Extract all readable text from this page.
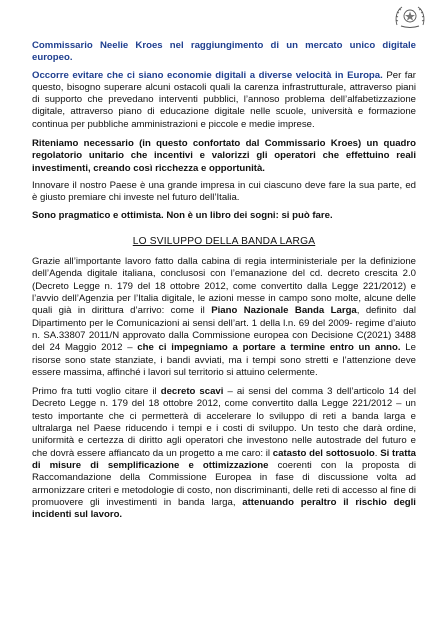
Commissario Neelie Kroes nel raggiungimento di un mercato unico digitale europeo.

Occorre evitare che ci siano economie digitali a diverse velocità in Europa. Per far questo, bisogno superare alcuni ostacoli quali la carenza infrastrutturale, attraverso piani di supporto che prevedano interventi pubblici, l’annoso problema dell’alfabetizzazione digitale, attraverso piano di educazione digitale nelle scuole, università e formazione continua per pubbliche amministrazioni e piccole e medie imprese.

Riteniamo necessario (in questo confortato dal Commissario Kroes) un quadro regolatorio unitario che incentivi e valorizzi gli operatori che effettuino reali investimenti, creando così ricchezza e opportunità.

Innovare il nostro Paese è una grande impresa in cui ciascuno deve fare la sua parte, ed è giusto premiare chi investe nel futuro dell’Italia.

Sono pragmatico e ottimista. Non è un libro dei sogni: si può fare.

LO SVILUPPO DELLA BANDA LARGA

Grazie all’importante lavoro fatto dalla cabina di regia interministeriale per la definizione dell’Agenda digitale italiana, conclusosi con l’emanazione del cd. decreto crescita 2.0 (Decreto Legge n. 179 del 18 ottobre 2012, come convertito dalla Legge 221/2012) e l’avvio dell’Agenzia per l’Italia digitale, le azioni messe in campo sono molte, alcune delle quali già in dirittura d’arrivo: come il Piano Nazionale Banda Larga, definito dal Dipartimento per le Comunicazioni ai sensi dell’art. 1 della l.n. 69 del 2009- regime d’aiuto n. SA.33807 2011/N approvato dalla Commissione europea con Decisione C(2021) 3488 del 24 Maggio 2012 – che ci impegniamo a portare a termine entro un anno. Le risorse sono state stanziate, i bandi avviati, ma i tempi sono stretti e l’attenzione deve essere massima, affinché i lavori sul territorio si attuino celermente.

Primo fra tutti voglio citare il decreto scavi – ai sensi del comma 3 dell’articolo 14 del Decreto Legge n. 179 del 18 ottobre 2012, come convertito dalla Legge 221/2012 – un testo importante che ci permetterà di accelerare lo sviluppo di reti a banda larga e ultralarga nel Paese riducendo i tempi e i costi di sviluppo. Un testo che darà ordine, uniformità e certezza di diritto agli operatori che investono nelle autostrade del futuro e che dovrà essere affiancato da un progetto a me caro: il catasto del sottosuolo. Si tratta di misure di semplificazione e ottimizzazione coerenti con la proposta di Raccomandazione della Commissione Europea in fase di discussione volta ad armonizzare criteri e metodologie di costo, non discriminanti, delle reti di accesso al fine di promuovere gli investimenti in banda larga, attenuando peraltro il rischio degli incidenti sul lavoro.
